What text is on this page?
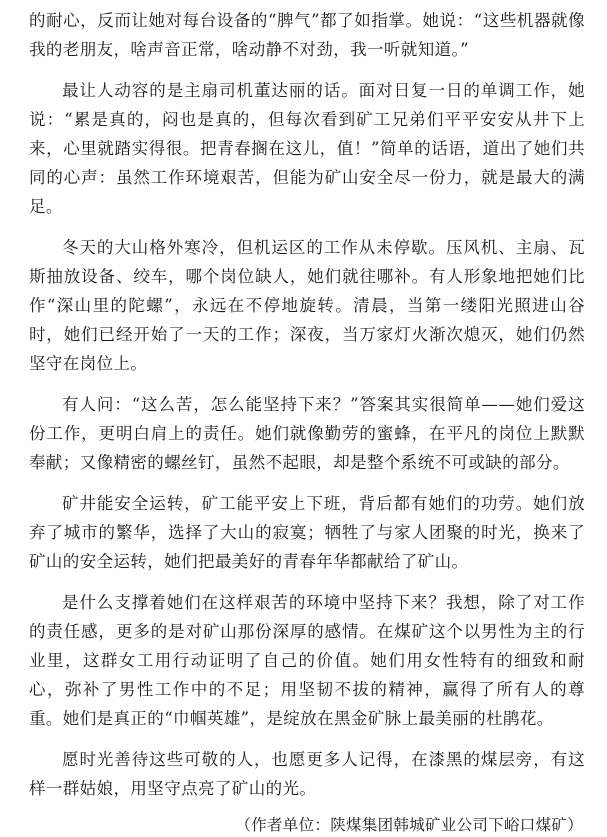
的耐心，反而让她对每台设备的“脾气”都了如指掌。她说：“这些机器就像我的老朋友，啥声音正常，啥动静不对劲，我一听就知道。”

最让人动容的是主扇司机董达丽的话。面对日复一日的单调工作，她说：“累是真的，闷也是真的，但每次看到矿工兄弟们平平安安从井下上来，心里就踏实得很。把青春搁在这儿，值！”简单的话语，道出了她们共同的心声：虽然工作环境艰苦，但能为矿山安全尽一份力，就是最大的满足。

冬天的大山格外寒冷，但机运区的工作从未停歇。压风机、主扇、瓦斯抽放设备、绞车，哪个岗位缺人，她们就往哪补。有人形象地把她们比作“深山里的陀螺”，永远在不停地旋转。清晨，当第一缕阳光照进山谷时，她们已经开始了一天的工作；深夜，当万家灯火渐次熄灭，她们仍然坚守在岗位上。

有人问：“这么苦，怎么能坚持下来？”答案其实很简单——她们爱这份工作，更明白肩上的责任。她们就像勤劳的蜜蜂，在平凡的岗位上默默奉献；又像精密的螺丝钉，虽然不起眼，却是整个系统不可或缺的部分。

矿井能安全运转，矿工能平安上下班，背后都有她们的功劳。她们放弃了城市的繁华，选择了大山的寂寞；牺牲了与家人团聚的时光，换来了矿山的安全运转，她们把最美好的青春年华都献给了矿山。

是什么支撑着她们在这样艰苦的环境中坚持下来？我想，除了对工作的责任感，更多的是对矿山那份深厚的感情。在煤矿这个以男性为主的行业里，这群女工用行动证明了自己的价值。她们用女性特有的细致和耐心，弥补了男性工作中的不足；用坚韧不拔的精神，赢得了所有人的尊重。她们是真正的“巾帼英雄”，是绽放在黑金矿脉上最美丽的杜鹃花。

愿时光善待这些可敬的人，也愿更多人记得，在漆黑的煤层旁，有这样一群姑娘，用坚守点亮了矿山的光。

（作者单位：陕煤集团韩城矿业公司下峪口煤矿）
